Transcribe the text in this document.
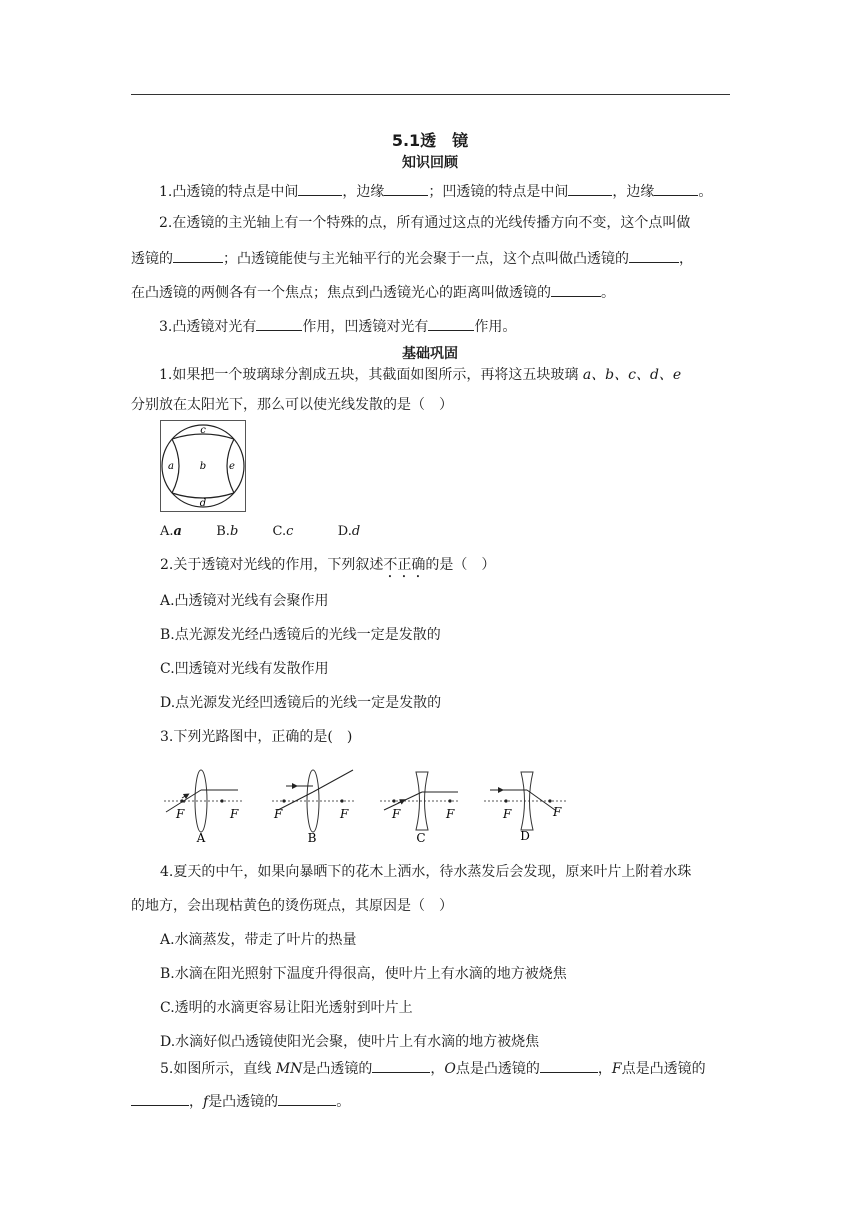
5.1透　镜
知识回顾
1.凸透镜的特点是中间	，边缘	；凹透镜的特点是中间	，边缘	。
2.在透镜的主光轴上有一个特殊的点，所有通过这点的光线传播方向不变，这个点叫做
透镜的	；凸透镜能使与主光轴平行的光会聚于一点，这个点叫做凸透镜的	，
在凸透镜的两侧各有一个焦点；焦点到凸透镜光心的距离叫做透镜的	。
3.凸透镜对光有	作用，凹透镜对光有	作用。
基础巩固
1.如果把一个玻璃球分割成五块，其截面如图所示，再将这五块玻璃 a、b、c、d、e
分别放在太阳光下，那么可以使光线发散的是（　）
c
a	b e
d
A.a	B.b	C.c	D.d
2.关于透镜对光线的作用，下列叙述不正确的是（　）
A.凸透镜对光线有会聚作用
B.点光源发光经凸透镜后的光线一定是发散的
C.凹透镜对光线有发散作用
D.点光源发光经凹透镜后的光线一定是发散的
3.下列光路图中，正确的是(　)
F	F
A
F	F
B
F	F
C
F	F
D
4.夏天的中午，如果向暴晒下的花木上洒水，待水蒸发后会发现，原来叶片上附着水珠
的地方，会出现枯黄色的烫伤斑点，其原因是（　）
A.水滴蒸发，带走了叶片的热量
B.水滴在阳光照射下温度升得很高，使叶片上有水滴的地方被烧焦
C.透明的水滴更容易让阳光透射到叶片上
D.水滴好似凸透镜使阳光会聚，使叶片上有水滴的地方被烧焦
5.如图所示，直线 MN是凸透镜的	，O点是凸透镜的	，F点是凸透镜的
，f是凸透镜的	。
